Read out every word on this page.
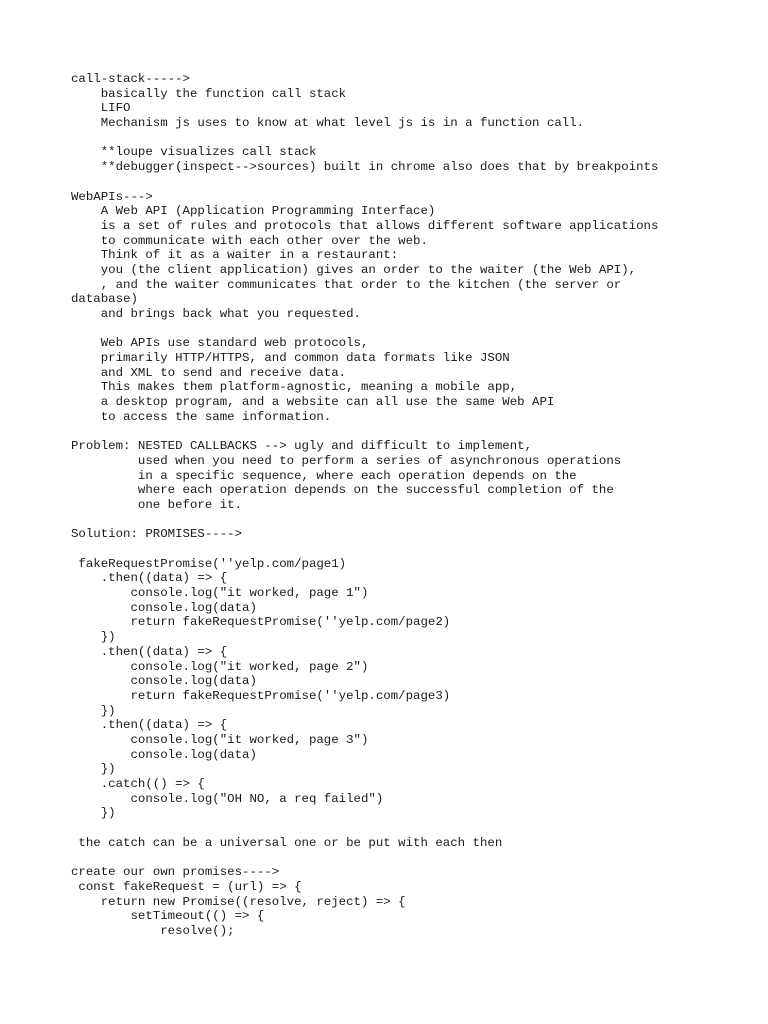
call-stack----->
basically the function call stack
LIFO
Mechanism js uses to know at what level js is in a function call.
**loupe visualizes call stack
**debugger(inspect-->sources) built in chrome also does that by breakpoints
WebAPIs--->
A Web API (Application Programming Interface)
is a set of rules and protocols that allows different software applications
to communicate with each other over the web.
Think of it as a waiter in a restaurant:
you (the client application) gives an order to the waiter (the Web API),
, and the waiter communicates that order to the kitchen (the server or
database)
and brings back what you requested.
Web APIs use standard web protocols,
primarily HTTP/HTTPS, and common data formats like JSON
and XML to send and receive data.
This makes them platform-agnostic, meaning a mobile app,
a desktop program, and a website can all use the same Web API
to access the same information.
Problem: NESTED CALLBACKS --> ugly and difficult to implement,
used when you need to perform a series of asynchronous operations
in a specific sequence, where each operation depends on the
where each operation depends on the successful completion of the
one before it.
Solution: PROMISES---->
fakeRequestPromise(''yelp.com/page1)
.then((data) => {
console.log("it worked, page 1")
console.log(data)
return fakeRequestPromise(''yelp.com/page2)
})
.then((data) => {
console.log("it worked, page 2")
console.log(data)
return fakeRequestPromise(''yelp.com/page3)
})
.then((data) => {
console.log("it worked, page 3")
console.log(data)
})
.catch(() => {
console.log("OH NO, a req failed")
})
the catch can be a universal one or be put with each then
create our own promises---->
const fakeRequest = (url) => {
return new Promise((resolve, reject) => {
setTimeout(() => {
resolve();
